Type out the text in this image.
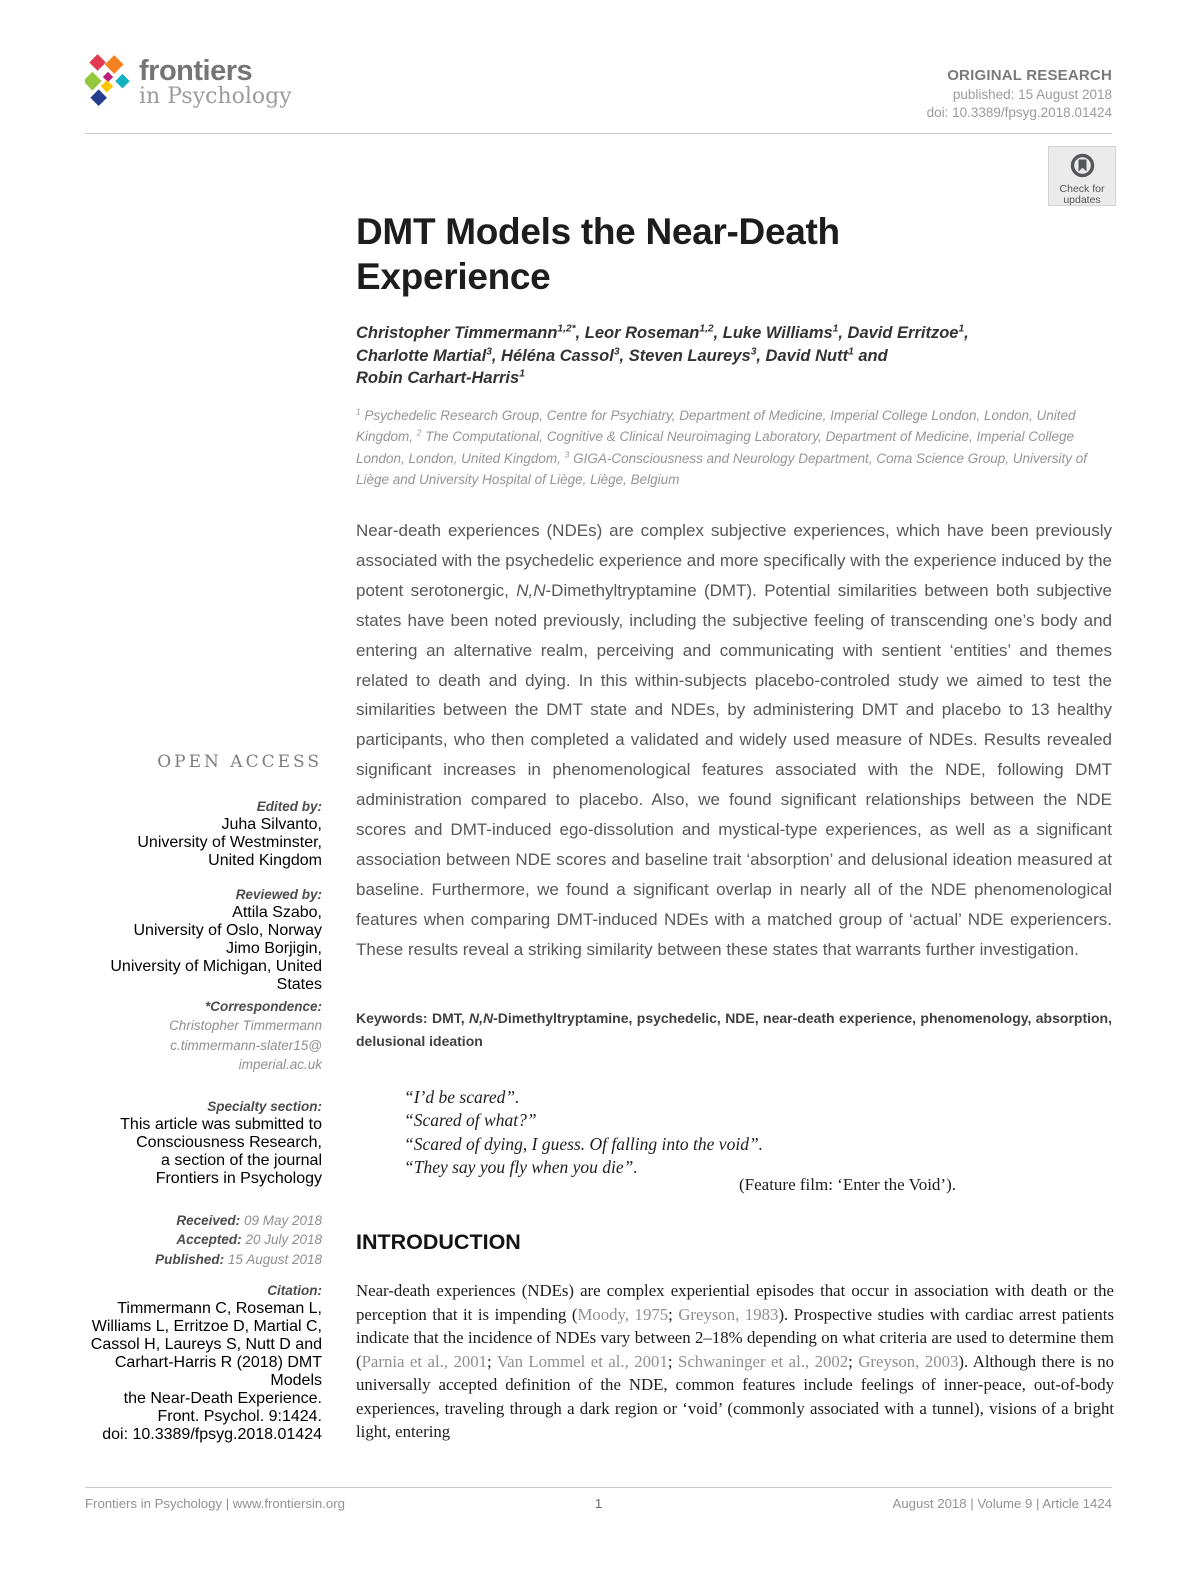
frontiers
in Psychology
ORIGINAL RESEARCH
published: 15 August 2018
doi: 10.3389/fpsyg.2018.01424
Check for
updates
DMT Models the Near-Death Experience
Christopher Timmermann$^{1,2*}$, Leor Roseman$^{1,2}$, Luke Williams$^1$, David Erritzoe$^1$,
Charlotte Martial$^3$, Héléna Cassol$^3$, Steven Laureys$^3$, David Nutt$^1$ and
Robin Carhart-Harris$^1$
$^1$ Psychedelic Research Group, Centre for Psychiatry, Department of Medicine, Imperial College London, London, United Kingdom, $^2$ The Computational, Cognitive & Clinical Neuroimaging Laboratory, Department of Medicine, Imperial College London, London, United Kingdom, $^3$ GIGA-Consciousness and Neurology Department, Coma Science Group, University of Liège and University Hospital of Liège, Liège, Belgium
Near-death experiences (NDEs) are complex subjective experiences, which have been previously associated with the psychedelic experience and more specifically with the experience induced by the potent serotonergic, N,N-Dimethyltryptamine (DMT). Potential similarities between both subjective states have been noted previously, including the subjective feeling of transcending one’s body and entering an alternative realm, perceiving and communicating with sentient ‘entities’ and themes related to death and dying. In this within-subjects placebo-controled study we aimed to test the similarities between the DMT state and NDEs, by administering DMT and placebo to 13 healthy participants, who then completed a validated and widely used measure of NDEs. Results revealed significant increases in phenomenological features associated with the NDE, following DMT administration compared to placebo. Also, we found significant relationships between the NDE scores and DMT-induced ego-dissolution and mystical-type experiences, as well as a significant association between NDE scores and baseline trait ‘absorption’ and delusional ideation measured at baseline. Furthermore, we found a significant overlap in nearly all of the NDE phenomenological features when comparing DMT-induced NDEs with a matched group of ‘actual’ NDE experiencers. These results reveal a striking similarity between these states that warrants further investigation.
Keywords: DMT, N,N-Dimethyltryptamine, psychedelic, NDE, near-death experience, phenomenology, absorption, delusional ideation
“I’d be scared”.
“Scared of what?”
“Scared of dying, I guess. Of falling into the void”.
“They say you fly when you die”.
(Feature film: ‘Enter the Void’).
INTRODUCTION

Near-death experiences (NDEs) are complex experiential episodes that occur in association with death or the perception that it is impending (Moody, 1975; Greyson, 1983). Prospective studies with cardiac arrest patients indicate that the incidence of NDEs vary between 2–18% depending on what criteria are used to determine them (Parnia et al., 2001; Van Lommel et al., 2001; Schwaninger et al., 2002; Greyson, 2003). Although there is no universally accepted definition of the NDE, common features include feelings of inner-peace, out-of-body experiences, traveling through a dark region or ‘void’ (commonly associated with a tunnel), visions of a bright light, entering

OPEN ACCESS
Edited by:
Juha Silvanto,
University of Westminster,
United Kingdom
Reviewed by:
Attila Szabo,
University of Oslo, Norway
Jimo Borjigin,
University of Michigan, United States
*Correspondence:
Christopher Timmermann
c.timmermann-slater15@
imperial.ac.uk
Specialty section:
This article was submitted to
Consciousness Research,
a section of the journal
Frontiers in Psychology
Received: 09 May 2018
Accepted: 20 July 2018
Published: 15 August 2018
Citation:
Timmermann C, Roseman L,
Williams L, Erritzoe D, Martial C,
Cassol H, Laureys S, Nutt D and
Carhart-Harris R (2018) DMT Models
the Near-Death Experience.
Front. Psychol. 9:1424.
doi: 10.3389/fpsyg.2018.01424
Frontiers in Psychology | www.frontiersin.org	1	August 2018 | Volume 9 | Article 1424
